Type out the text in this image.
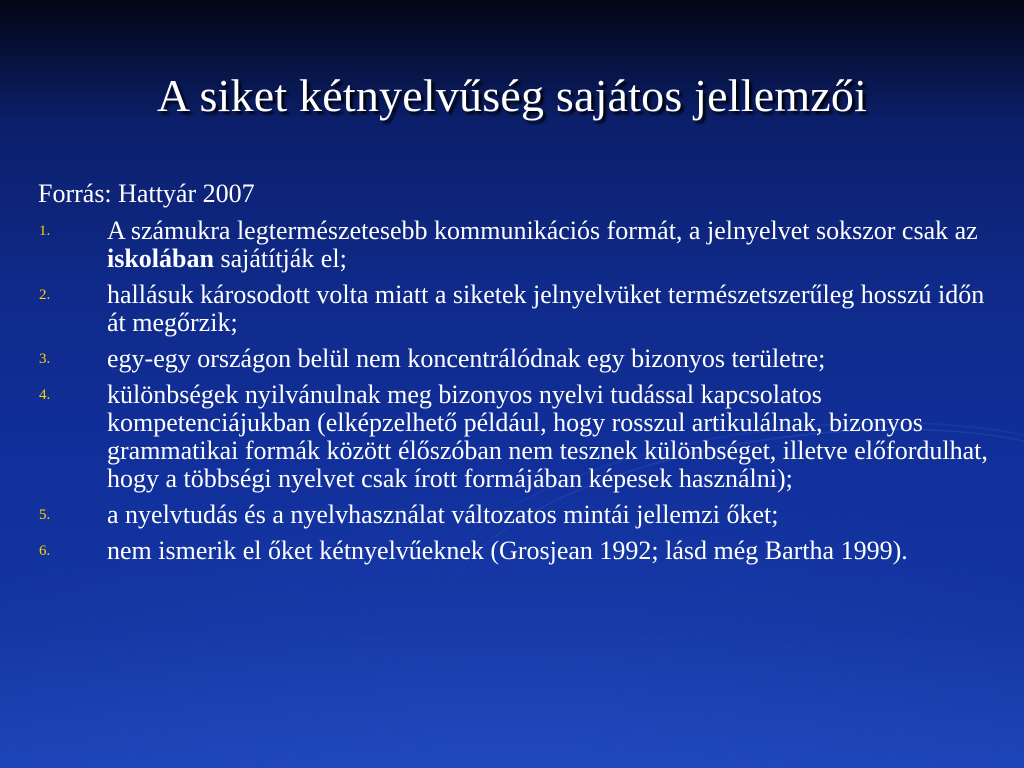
A siket kétnyelvűség sajátos jellemzői

Forrás: Hattyár 2007

1. A számukra legtermészetesebb kommunikációs formát, a jelnyelvet sokszor csak az iskolában sajátítják el;
2. hallásuk károsodott volta miatt a siketek jelnyelvüket természetszerűleg hosszú időn át megőrzik;
3. egy-egy országon belül nem koncentrálódnak egy bizonyos területre;
4. különbségek nyilvánulnak meg bizonyos nyelvi tudással kapcsolatos kompetenciájukban (elképzelhető például, hogy rosszul artikulálnak, bizonyos grammatikai formák között élőszóban nem tesznek különbséget, illetve előfordulhat, hogy a többségi nyelvet csak írott formájában képesek használni);
5. a nyelvtudás és a nyelvhasználat változatos mintái jellemzi őket;
6. nem ismerik el őket kétnyelvűeknek (Grosjean 1992; lásd még Bartha 1999).
